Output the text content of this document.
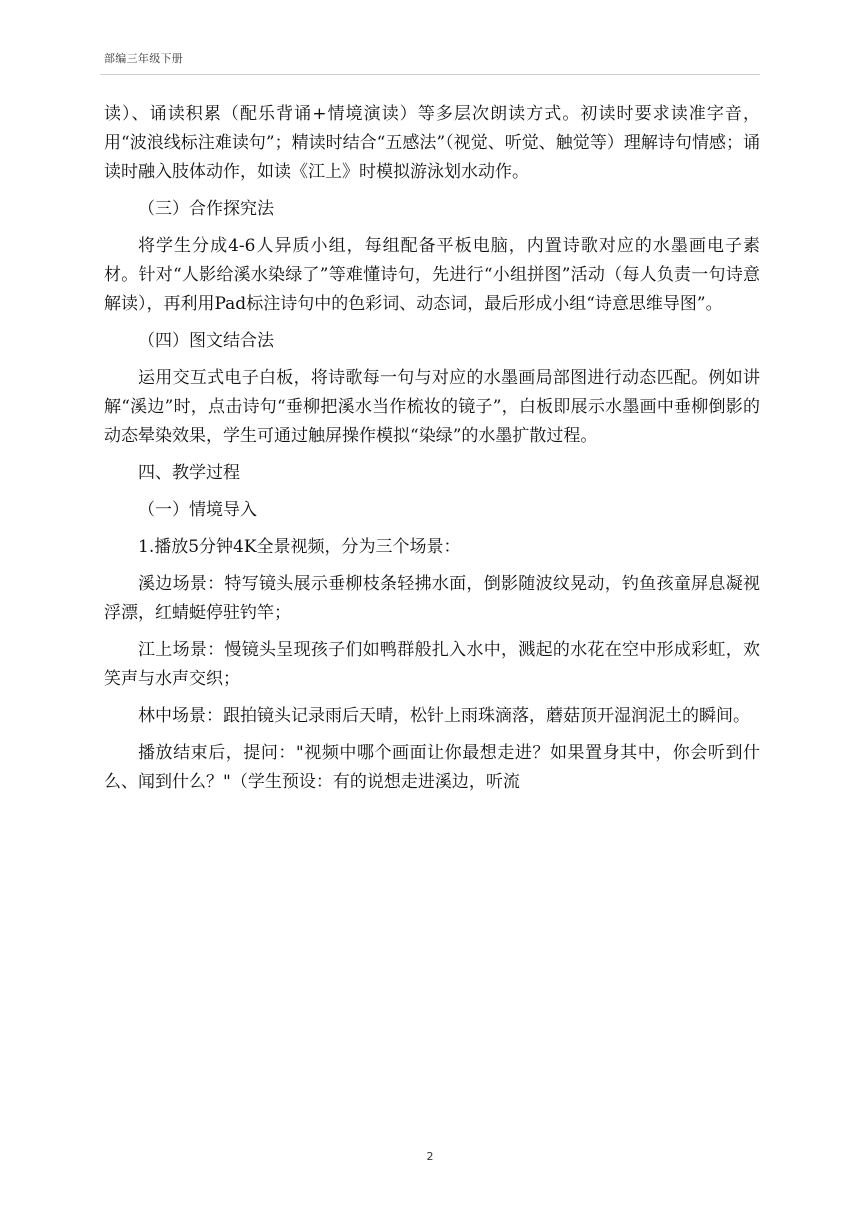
部编三年级下册

读）、诵读积累（配乐背诵+情境演读）等多层次朗读方式。初读时要求读准字音，用“波浪线标注难读句”；精读时结合“五感法”（视觉、听觉、触觉等）理解诗句情感；诵读时融入肢体动作，如读《江上》时模拟游泳划水动作。

（三）合作探究法

将学生分成4-6人异质小组，每组配备平板电脑，内置诗歌对应的水墨画电子素材。针对“人影给溪水染绿了”等难懂诗句，先进行“小组拼图”活动（每人负责一句诗意解读），再利用Pad标注诗句中的色彩词、动态词，最后形成小组“诗意思维导图”。

（四）图文结合法

运用交互式电子白板，将诗歌每一句与对应的水墨画局部图进行动态匹配。例如讲解“溪边”时，点击诗句“垂柳把溪水当作梳妆的镜子”，白板即展示水墨画中垂柳倒影的动态晕染效果，学生可通过触屏操作模拟“染绿”的水墨扩散过程。

四、教学过程

（一）情境导入

1.播放5分钟4K全景视频，分为三个场景：

溪边场景：特写镜头展示垂柳枝条轻拂水面，倒影随波纹晃动，钓鱼孩童屏息凝视浮漂，红蜻蜓停驻钓竿；

江上场景：慢镜头呈现孩子们如鸭群般扎入水中，溅起的水花在空中形成彩虹，欢笑声与水声交织；

林中场景：跟拍镜头记录雨后天晴，松针上雨珠滴落，蘑菇顶开湿润泥土的瞬间。

播放结束后，提问："视频中哪个画面让你最想走进？如果置身其中，你会听到什么、闻到什么？"（学生预设：有的说想走进溪边，听流

2
